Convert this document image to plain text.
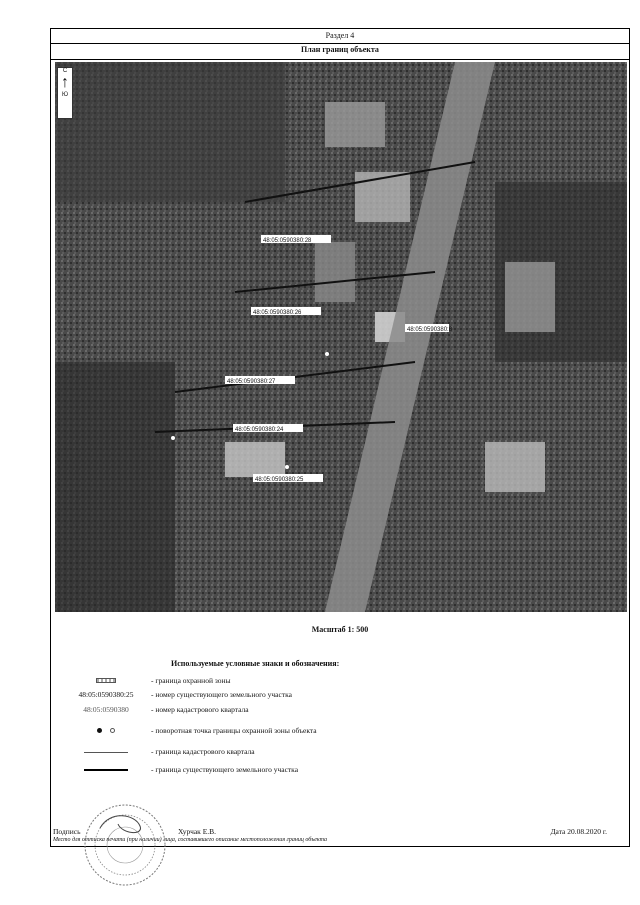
Раздел 4
План границ объекта
48:05:0590380:28
48:05:0590380:26
48:05:0590380:27
48:05:0590380:24
48:05:0590380:25
48:05:0590380:8
С
↑
Ю
Масштаб 1: 500
Используемые условные знаки и обозначения:
- граница охранной зоны
48:05:0590380:25	- номер существующего земельного участка
48:05:0590380	- номер кадастрового квартала

- поворотная точка границы охранной зоны объекта
- граница кадастрового квартала
- граница существующего земельного участка
Подпись	Хурчак Е.В.	Дата 20.08.2020 г.
Место для оттиска печати (при наличии) лица, составившего описание местоположения границ объекта
